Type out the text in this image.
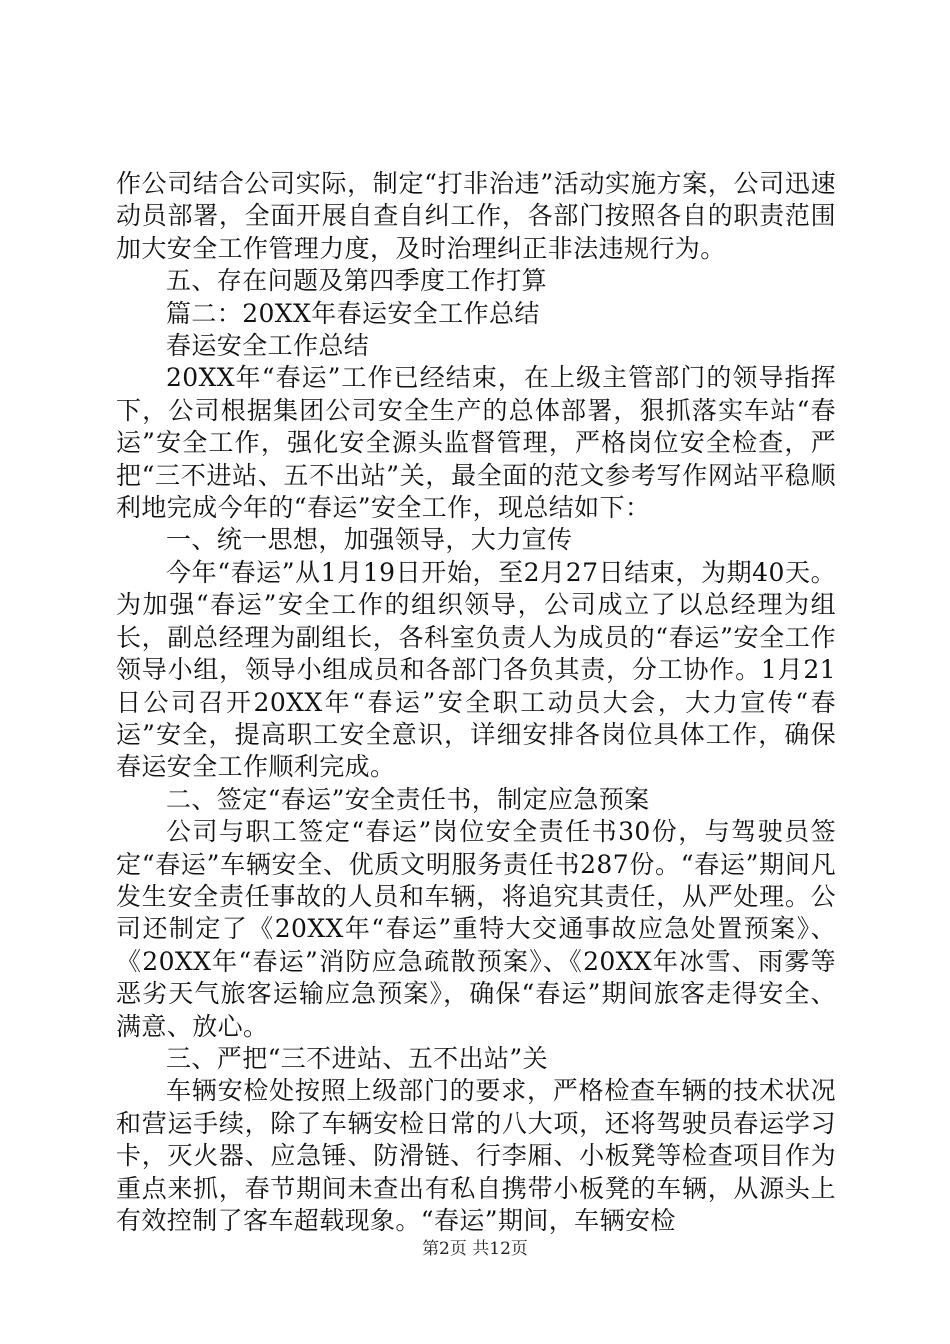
作公司结合公司实际，制定“打非治违”活动实施方案，公司迅速动员部署，全面开展自查自纠工作，各部门按照各自的职责范围加大安全工作管理力度，及时治理纠正非法违规行为。

五、存在问题及第四季度工作打算

篇二：20XX年春运安全工作总结

春运安全工作总结

20XX年“春运”工作已经结束，在上级主管部门的领导指挥下，公司根据集团公司安全生产的总体部署，狠抓落实车站“春运”安全工作，强化安全源头监督管理，严格岗位安全检查，严把“三不进站、五不出站”关，最全面的范文参考写作网站平稳顺利地完成今年的“春运”安全工作，现总结如下：

一、统一思想，加强领导，大力宣传

今年“春运”从1月19日开始，至2月27日结束，为期40天。为加强“春运”安全工作的组织领导，公司成立了以总经理为组长，副总经理为副组长，各科室负责人为成员的“春运”安全工作领导小组，领导小组成员和各部门各负其责，分工协作。1月21日公司召开20XX年“春运”安全职工动员大会，大力宣传“春运”安全，提高职工安全意识，详细安排各岗位具体工作，确保春运安全工作顺利完成。

二、签定“春运”安全责任书，制定应急预案

公司与职工签定“春运”岗位安全责任书30份，与驾驶员签定“春运”车辆安全、优质文明服务责任书287份。“春运”期间凡发生安全责任事故的人员和车辆，将追究其责任，从严处理。公司还制定了《20XX年“春运”重特大交通事故应急处置预案》、《20XX年“春运”消防应急疏散预案》、《20XX年冰雪、雨雾等恶劣天气旅客运输应急预案》，确保“春运”期间旅客走得安全、满意、放心。

三、严把“三不进站、五不出站”关

车辆安检处按照上级部门的要求，严格检查车辆的技术状况和营运手续，除了车辆安检日常的八大项，还将驾驶员春运学习卡，灭火器、应急锤、防滑链、行李厢、小板凳等检查项目作为重点来抓，春节期间未查出有私自携带小板凳的车辆，从源头上有效控制了客车超载现象。“春运”期间，车辆安检

第2页 共12页
